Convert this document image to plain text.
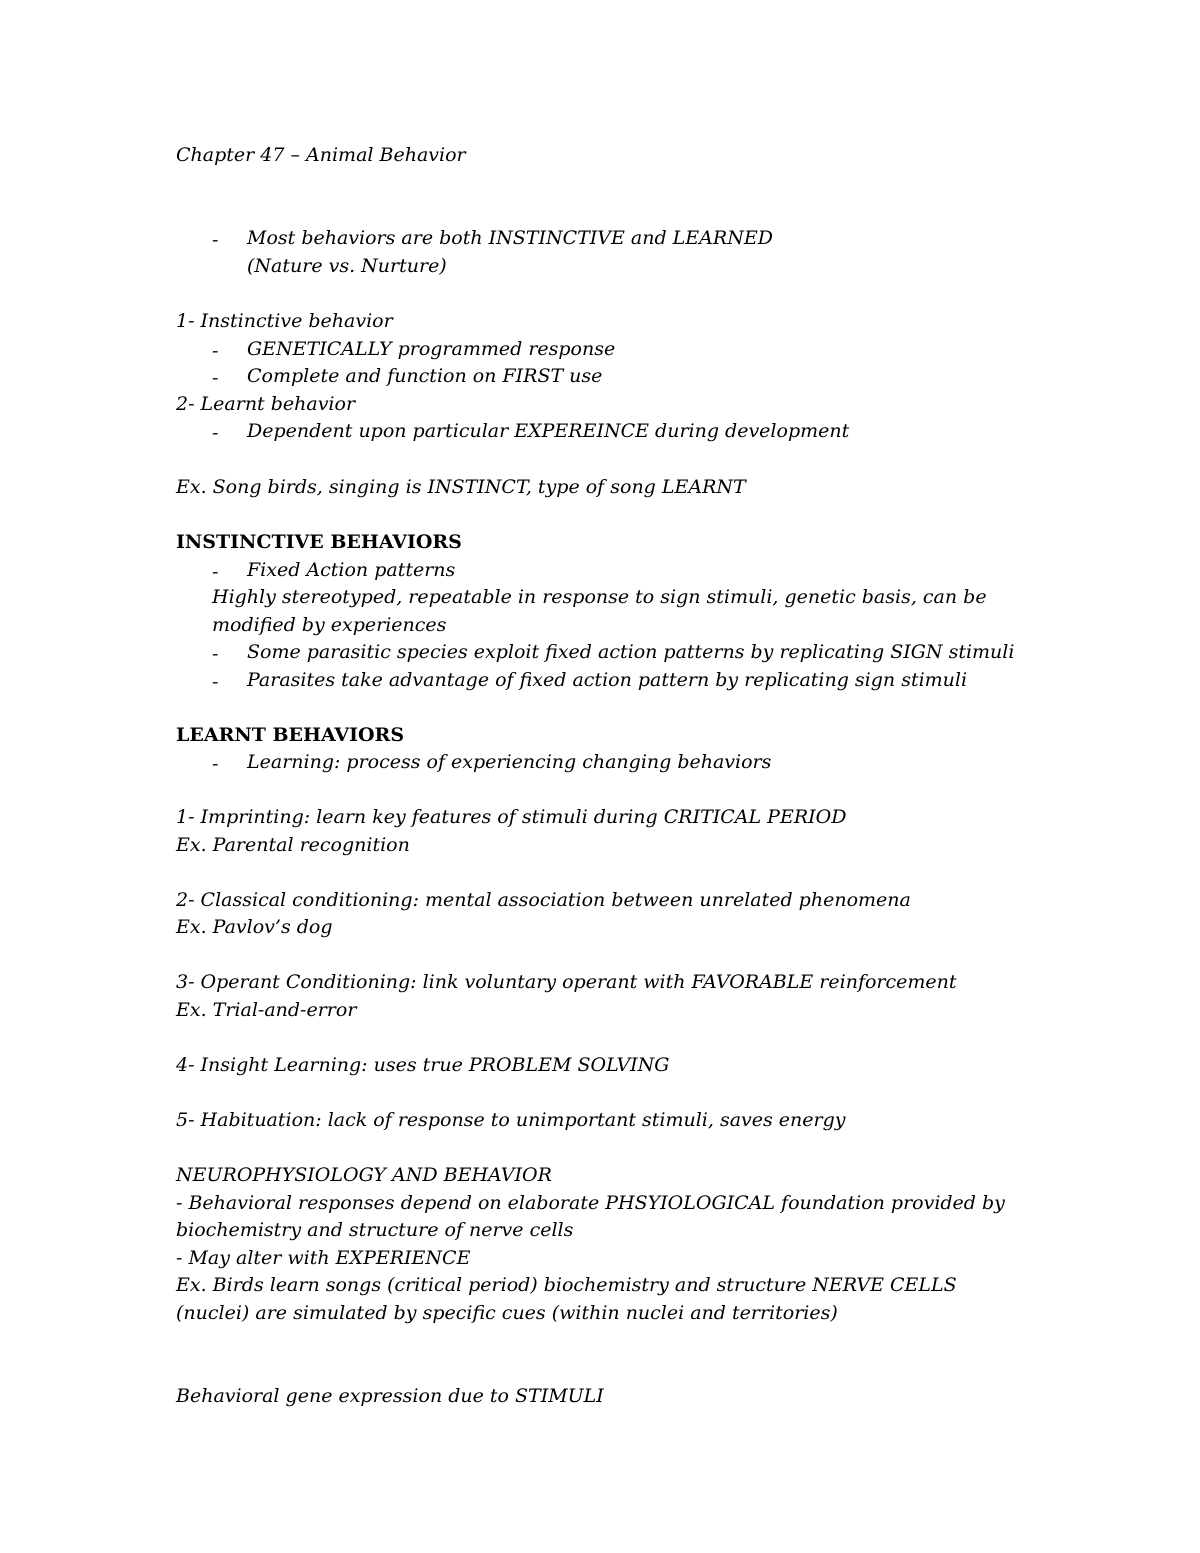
Chapter 47 – Animal Behavior
- Most behaviors are both INSTINCTIVE and LEARNED
(Nature vs. Nurture)
1- Instinctive behavior
- GENETICALLY programmed response
- Complete and function on FIRST use
2- Learnt behavior
- Dependent upon particular EXPEREINCE during development
Ex. Song birds, singing is INSTINCT, type of song LEARNT
INSTINCTIVE BEHAVIORS
- Fixed Action patterns
Highly stereotyped, repeatable in response to sign stimuli, genetic basis, can be
modified by experiences
- Some parasitic species exploit fixed action patterns by replicating SIGN stimuli
- Parasites take advantage of fixed action pattern by replicating sign stimuli
LEARNT BEHAVIORS
- Learning: process of experiencing changing behaviors
1- Imprinting: learn key features of stimuli during CRITICAL PERIOD
Ex. Parental recognition
2- Classical conditioning: mental association between unrelated phenomena
Ex. Pavlov’s dog
3- Operant Conditioning: link voluntary operant with FAVORABLE reinforcement
Ex. Trial-and-error
4- Insight Learning: uses true PROBLEM SOLVING
5- Habituation: lack of response to unimportant stimuli, saves energy
NEUROPHYSIOLOGY AND BEHAVIOR
- Behavioral responses depend on elaborate PHSYIOLOGICAL foundation provided by
biochemistry and structure of nerve cells
- May alter with EXPERIENCE
Ex. Birds learn songs (critical period) biochemistry and structure NERVE CELLS
(nuclei) are simulated by specific cues (within nuclei and territories)
Behavioral gene expression due to STIMULI
